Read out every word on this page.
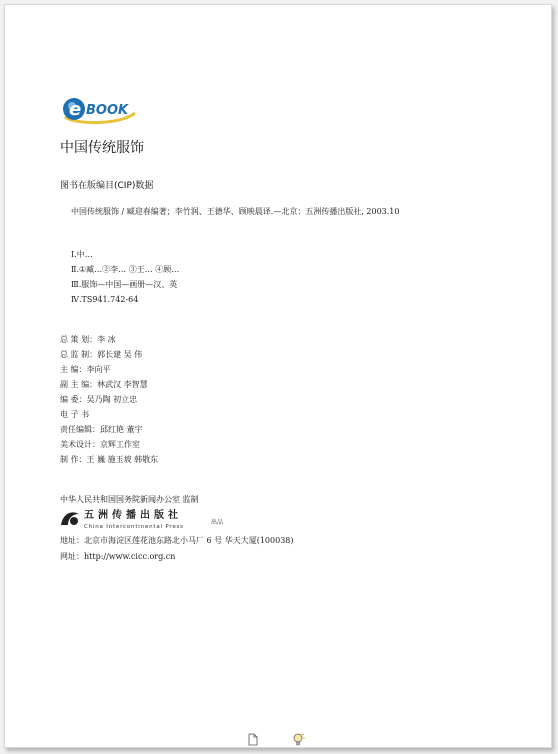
e BOOK
中国传统服饰
图书在版编目(CIP)数据
中国传统服饰 / 臧迎春编著；李竹润、王德华、顾映晨译.—北京：五洲传播出版社, 2003.10
Ⅰ.中…
Ⅱ.①臧…②李… ③王… ④顾…
Ⅲ.服饰—中国—画册—汉、英
Ⅳ.TS941.742-64
总 策 划：李 冰
总 监 制：郭长建 吴 伟
主 编：李向平
副 主 编：林武汉 李智慧
编 委：吴乃陶 初立忠
电 子 书
责任编辑：邱红艳 董宇
美术设计：京辉工作室
制 作：王 巍 施玉坡 韩敬东
中华人民共和国国务院新闻办公室 监制
五洲传播出版社
China Intercontinental Press
出品
地址：北京市海淀区莲花池东路北小马厂 6 号 华天大厦(100038)
网址：http://www.cicc.org.cn
